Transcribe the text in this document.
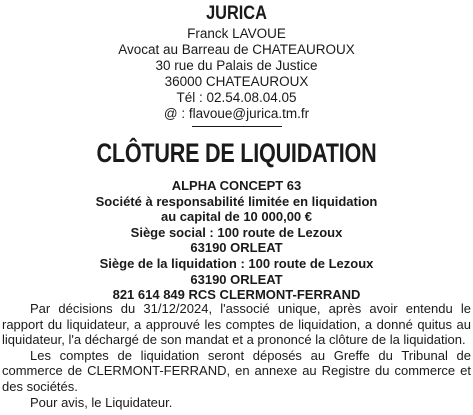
JURICA
Franck LAVOUE
Avocat au Barreau de CHATEAUROUX
30 rue du Palais de Justice
36000 CHATEAUROUX
Tél : 02.54.08.04.05
@ : flavoue@jurica.tm.fr
CLÔTURE DE LIQUIDATION
ALPHA CONCEPT 63
Société à responsabilité limitée en liquidation
au capital de 10 000,00 €
Siège social : 100 route de Lezoux
63190 ORLEAT
Siège de la liquidation : 100 route de Lezoux
63190 ORLEAT
821 614 849 RCS CLERMONT-FERRAND

Par décisions du 31/12/2024, l'associé unique, après avoir entendu le rapport du liquidateur, a approuvé les comptes de liquidation, a donné quitus au liquidateur, l'a déchargé de son mandat et a prononcé la clôture de la liquidation.

Les comptes de liquidation seront déposés au Greffe du Tribunal de commerce de CLERMONT-FERRAND, en annexe au Registre du commerce et des sociétés.

Pour avis, le Liquidateur.
